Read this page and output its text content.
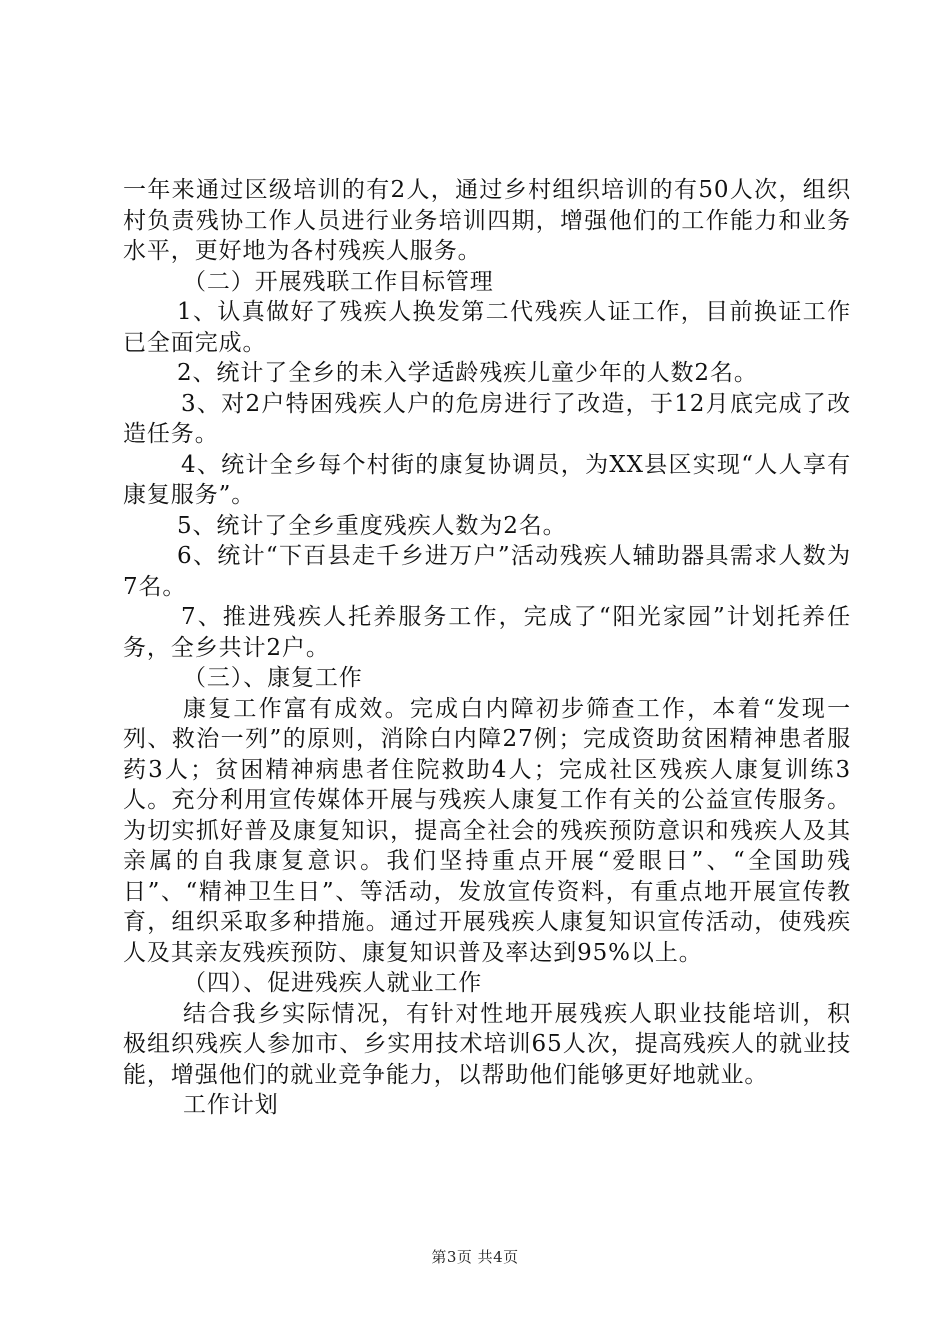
一年来通过区级培训的有2人，通过乡村组织培训的有50人次，组织村负责残协工作人员进行业务培训四期，增强他们的工作能力和业务水平，更好地为各村残疾人服务。

（二）开展残联工作目标管理

1、认真做好了残疾人换发第二代残疾人证工作，目前换证工作已全面完成。

2、统计了全乡的未入学适龄残疾儿童少年的人数2名。

3、对2户特困残疾人户的危房进行了改造，于12月底完成了改造任务。

4、统计全乡每个村街的康复协调员，为XX县区实现“人人享有康复服务”。

5、统计了全乡重度残疾人数为2名。

6、统计“下百县走千乡进万户”活动残疾人辅助器具需求人数为7名。

7、推进残疾人托养服务工作，完成了“阳光家园”计划托养任务，全乡共计2户。

（三）、康复工作

康复工作富有成效。完成白内障初步筛查工作，本着“发现一列、救治一列”的原则，消除白内障27例；完成资助贫困精神患者服药3人；贫困精神病患者住院救助4人；完成社区残疾人康复训练3人。充分利用宣传媒体开展与残疾人康复工作有关的公益宣传服务。为切实抓好普及康复知识，提高全社会的残疾预防意识和残疾人及其亲属的自我康复意识。我们坚持重点开展“爱眼日”、“全国助残日”、“精神卫生日”、等活动，发放宣传资料，有重点地开展宣传教育，组织采取多种措施。通过开展残疾人康复知识宣传活动，使残疾人及其亲友残疾预防、康复知识普及率达到95%以上。

（四）、促进残疾人就业工作

结合我乡实际情况，有针对性地开展残疾人职业技能培训，积极组织残疾人参加市、乡实用技术培训65人次，提高残疾人的就业技能，增强他们的就业竞争能力，以帮助他们能够更好地就业。

工作计划

第3页 共4页
